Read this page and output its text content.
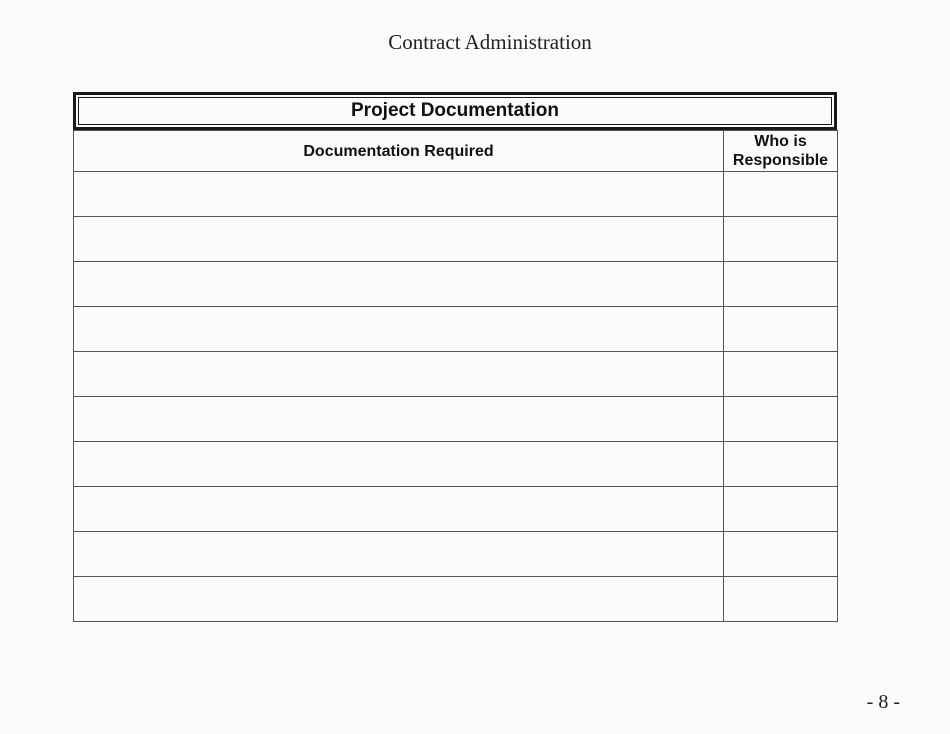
Contract Administration
Project Documentation
Documentation Required	Who is
Responsible

- 8 -
